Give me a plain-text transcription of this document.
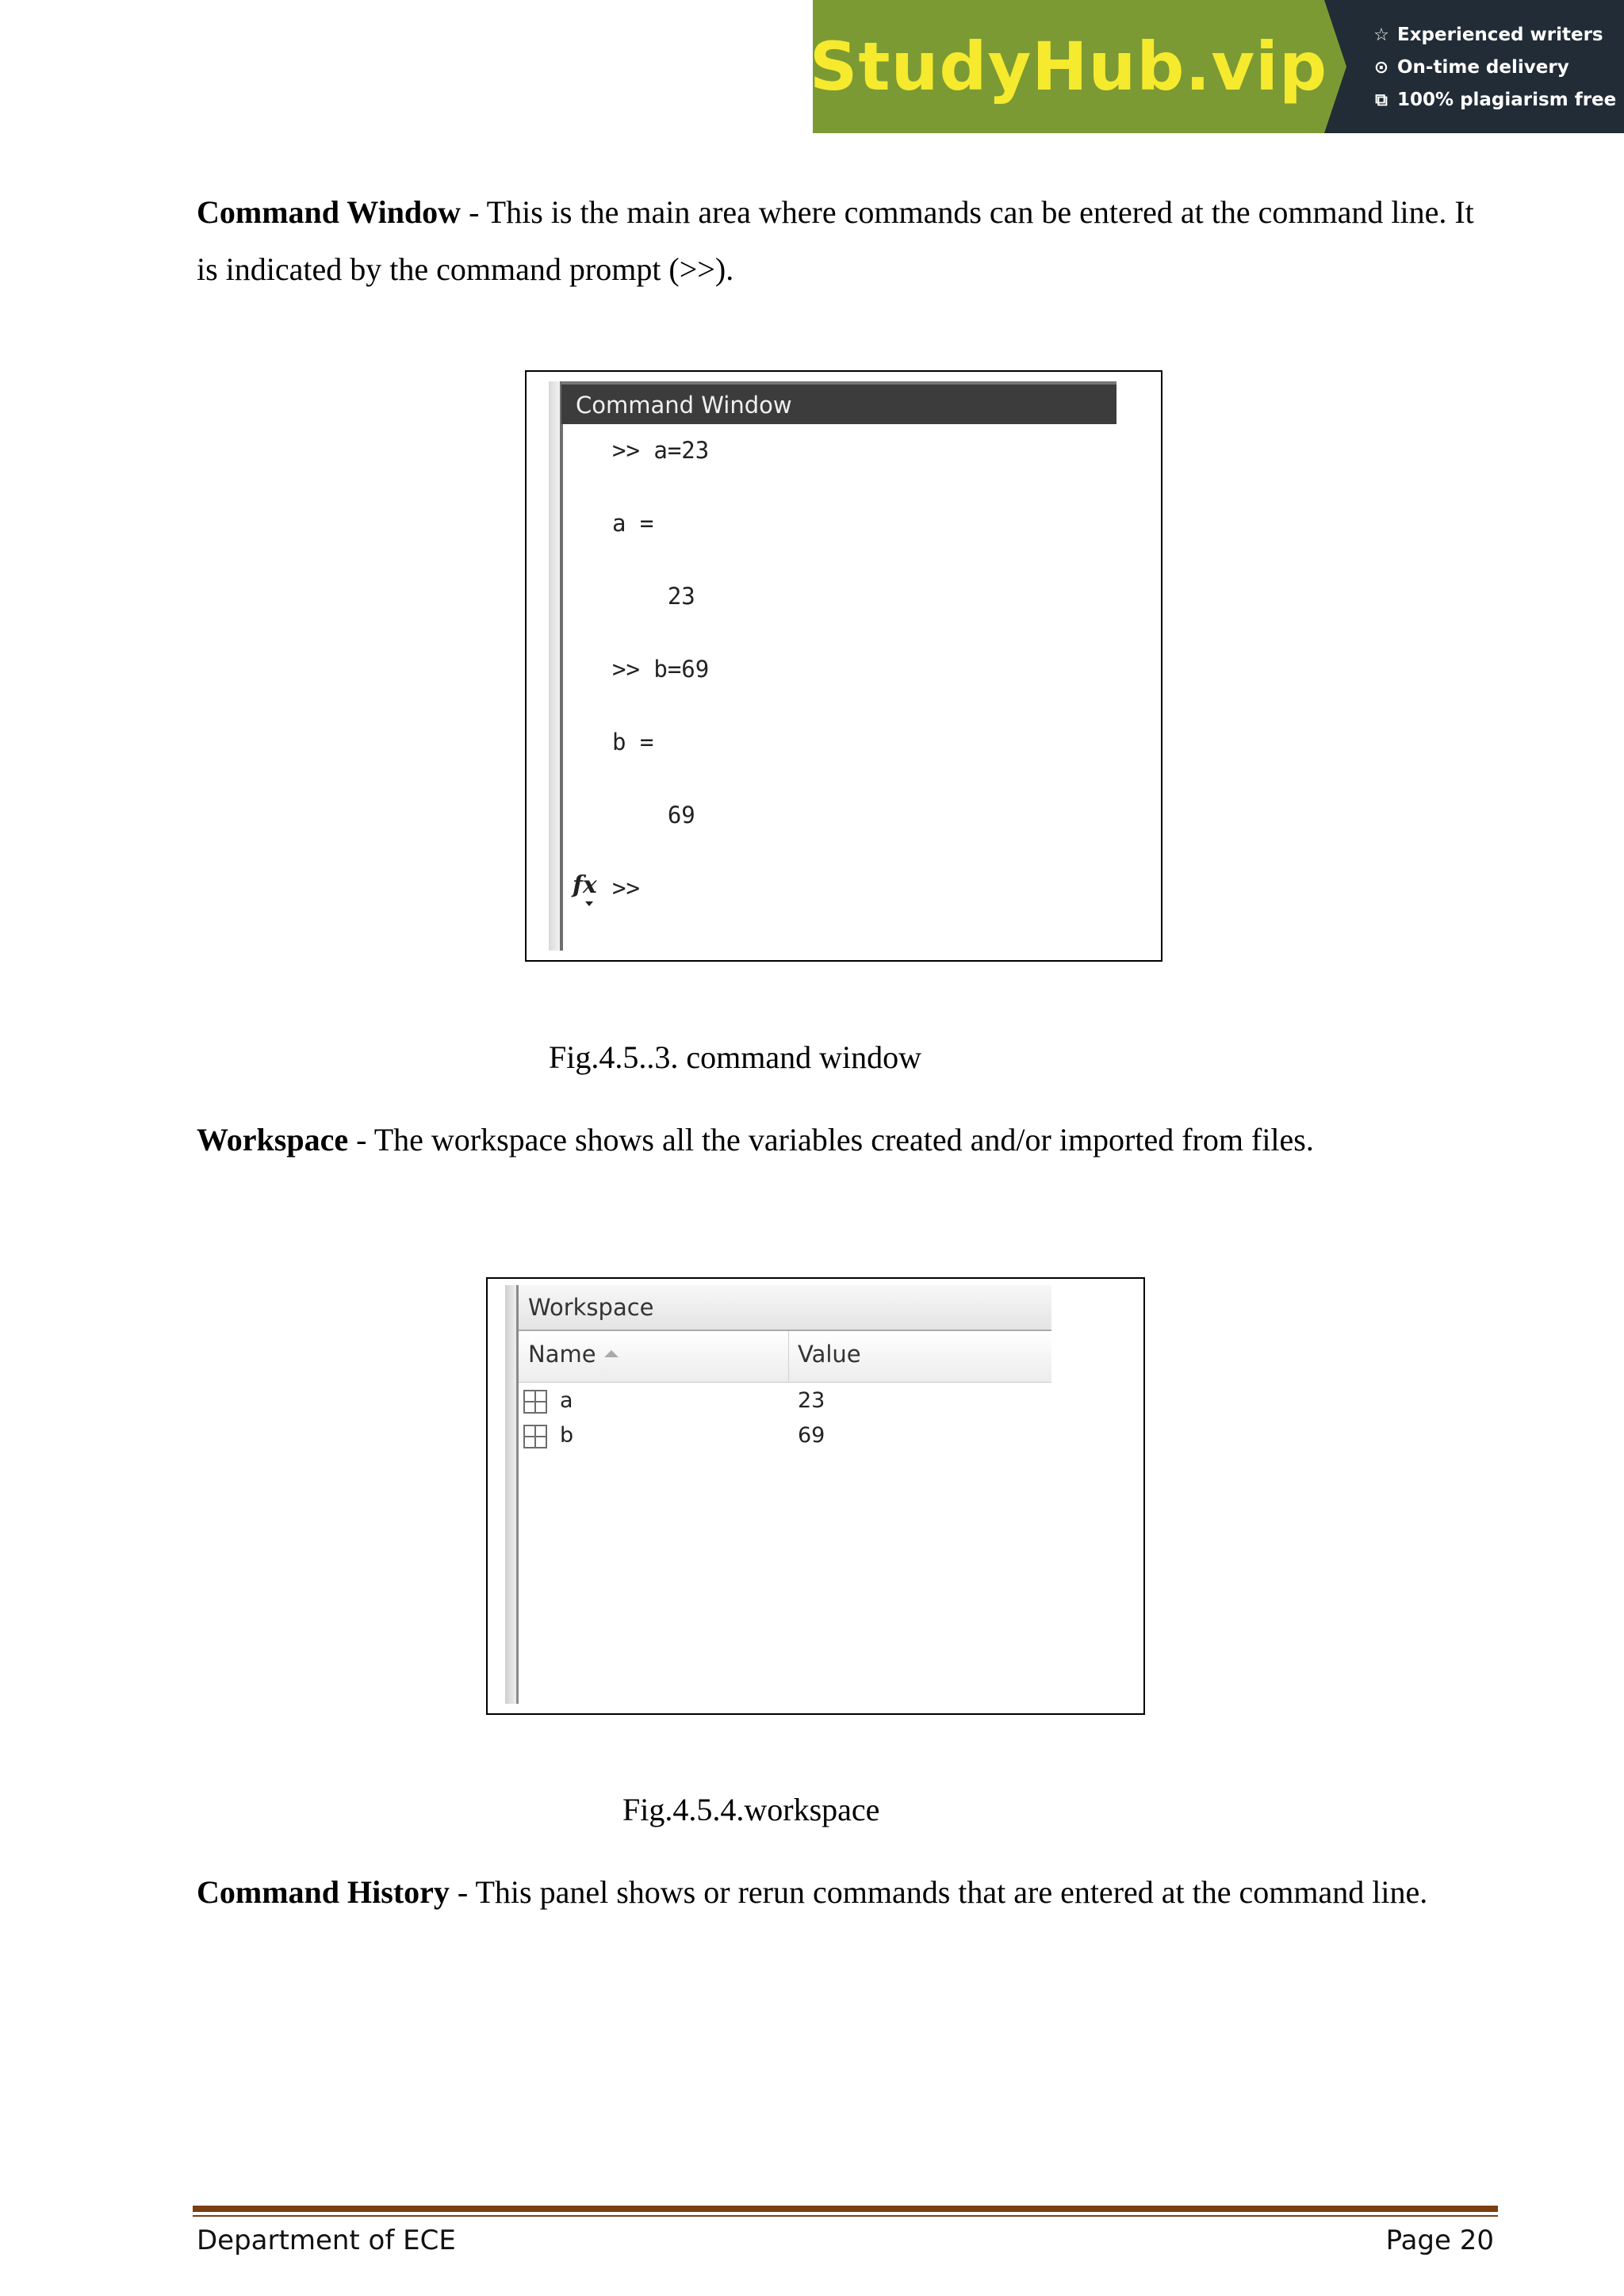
StudyHub.vip	☆ Experienced writers
⊙ On-time delivery
⧉ 100% plagiarism free

Command Window - This is the main area where commands can be entered at the command line. It is indicated by the command prompt (>>).

Command Window
>> a=23
a =
23
>> b=69
b =
69
>>
fx
Fig.4.5..3. command window

Workspace - The workspace shows all the variables created and/or imported from files.

Workspace
Name	Value
a	23
b	69
Fig.4.5.4.workspace

Command History - This panel shows or rerun commands that are entered at the command line.

Department of ECE	Page 20
